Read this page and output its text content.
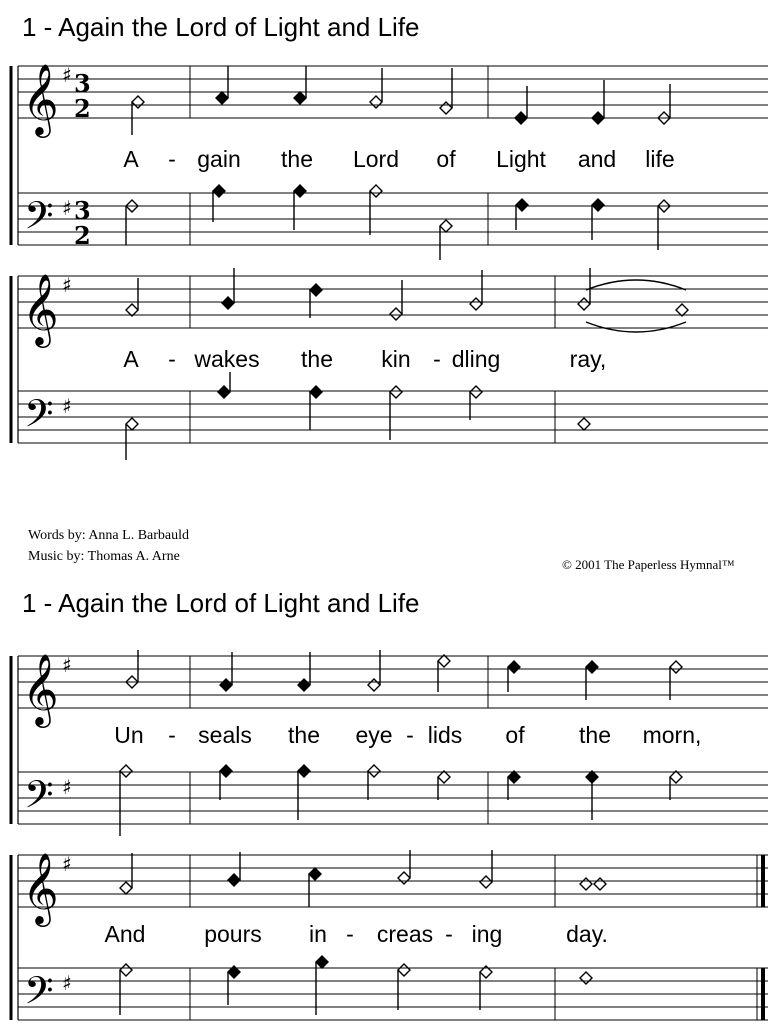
1 - Again the Lord of Light and Life
𝄞
𝄢
♯
♯
3
2
3
2
A - gain the Lord of Light and life
𝄞
𝄢
♯
♯
A - wakes the kin - dling	ray,
Words by: Anna L. Barbauld
Music by: Thomas A. Arne
© 2001 The Paperless Hymnal™
1 - Again the Lord of Light and Life
𝄞
𝄢
♯
♯
Un - seals the eye - lids of the morn,
𝄞
𝄢
♯
♯
And	pours in - creas - ing	day.
